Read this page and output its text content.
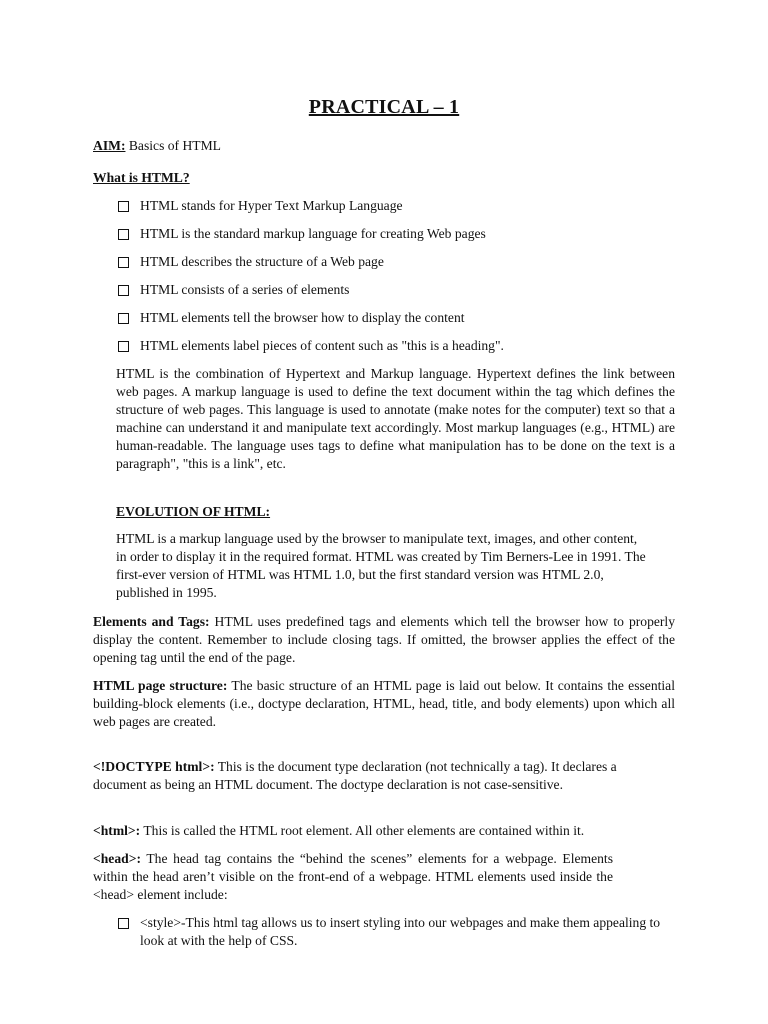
PRACTICAL – 1
AIM: Basics of HTML
What is HTML?
HTML stands for Hyper Text Markup Language
HTML is the standard markup language for creating Web pages
HTML describes the structure of a Web page
HTML consists of a series of elements
HTML elements tell the browser how to display the content
HTML elements label pieces of content such as "this is a heading".
HTML is the combination of Hypertext and Markup language. Hypertext defines the link between web pages. A markup language is used to define the text document within the tag which defines the structure of web pages. This language is used to annotate (make notes for the computer) text so that a machine can understand it and manipulate text accordingly. Most markup languages (e.g., HTML) are human-readable. The language uses tags to define what manipulation has to be done on the text is a paragraph", "this is a link", etc.
EVOLUTION OF HTML:
HTML is a markup language used by the browser to manipulate text, images, and other content, in order to display it in the required format. HTML was created by Tim Berners-Lee in 1991. The first-ever version of HTML was HTML 1.0, but the first standard version was HTML 2.0, published in 1995.
Elements and Tags: HTML uses predefined tags and elements which tell the browser how to properly display the content. Remember to include closing tags. If omitted, the browser applies the effect of the opening tag until the end of the page.
HTML page structure: The basic structure of an HTML page is laid out below. It contains the essential building-block elements (i.e., doctype declaration, HTML, head, title, and body elements) upon which all web pages are created.
<!DOCTYPE html>: This is the document type declaration (not technically a tag). It declares a document as being an HTML document. The doctype declaration is not case-sensitive.
<html>: This is called the HTML root element. All other elements are contained within it.
<head>: The head tag contains the “behind the scenes” elements for a webpage. Elements within the head aren’t visible on the front-end of a webpage. HTML elements used inside the <head> element include:
<style>-This html tag allows us to insert styling into our webpages and make them appealing to look at with the help of CSS.
